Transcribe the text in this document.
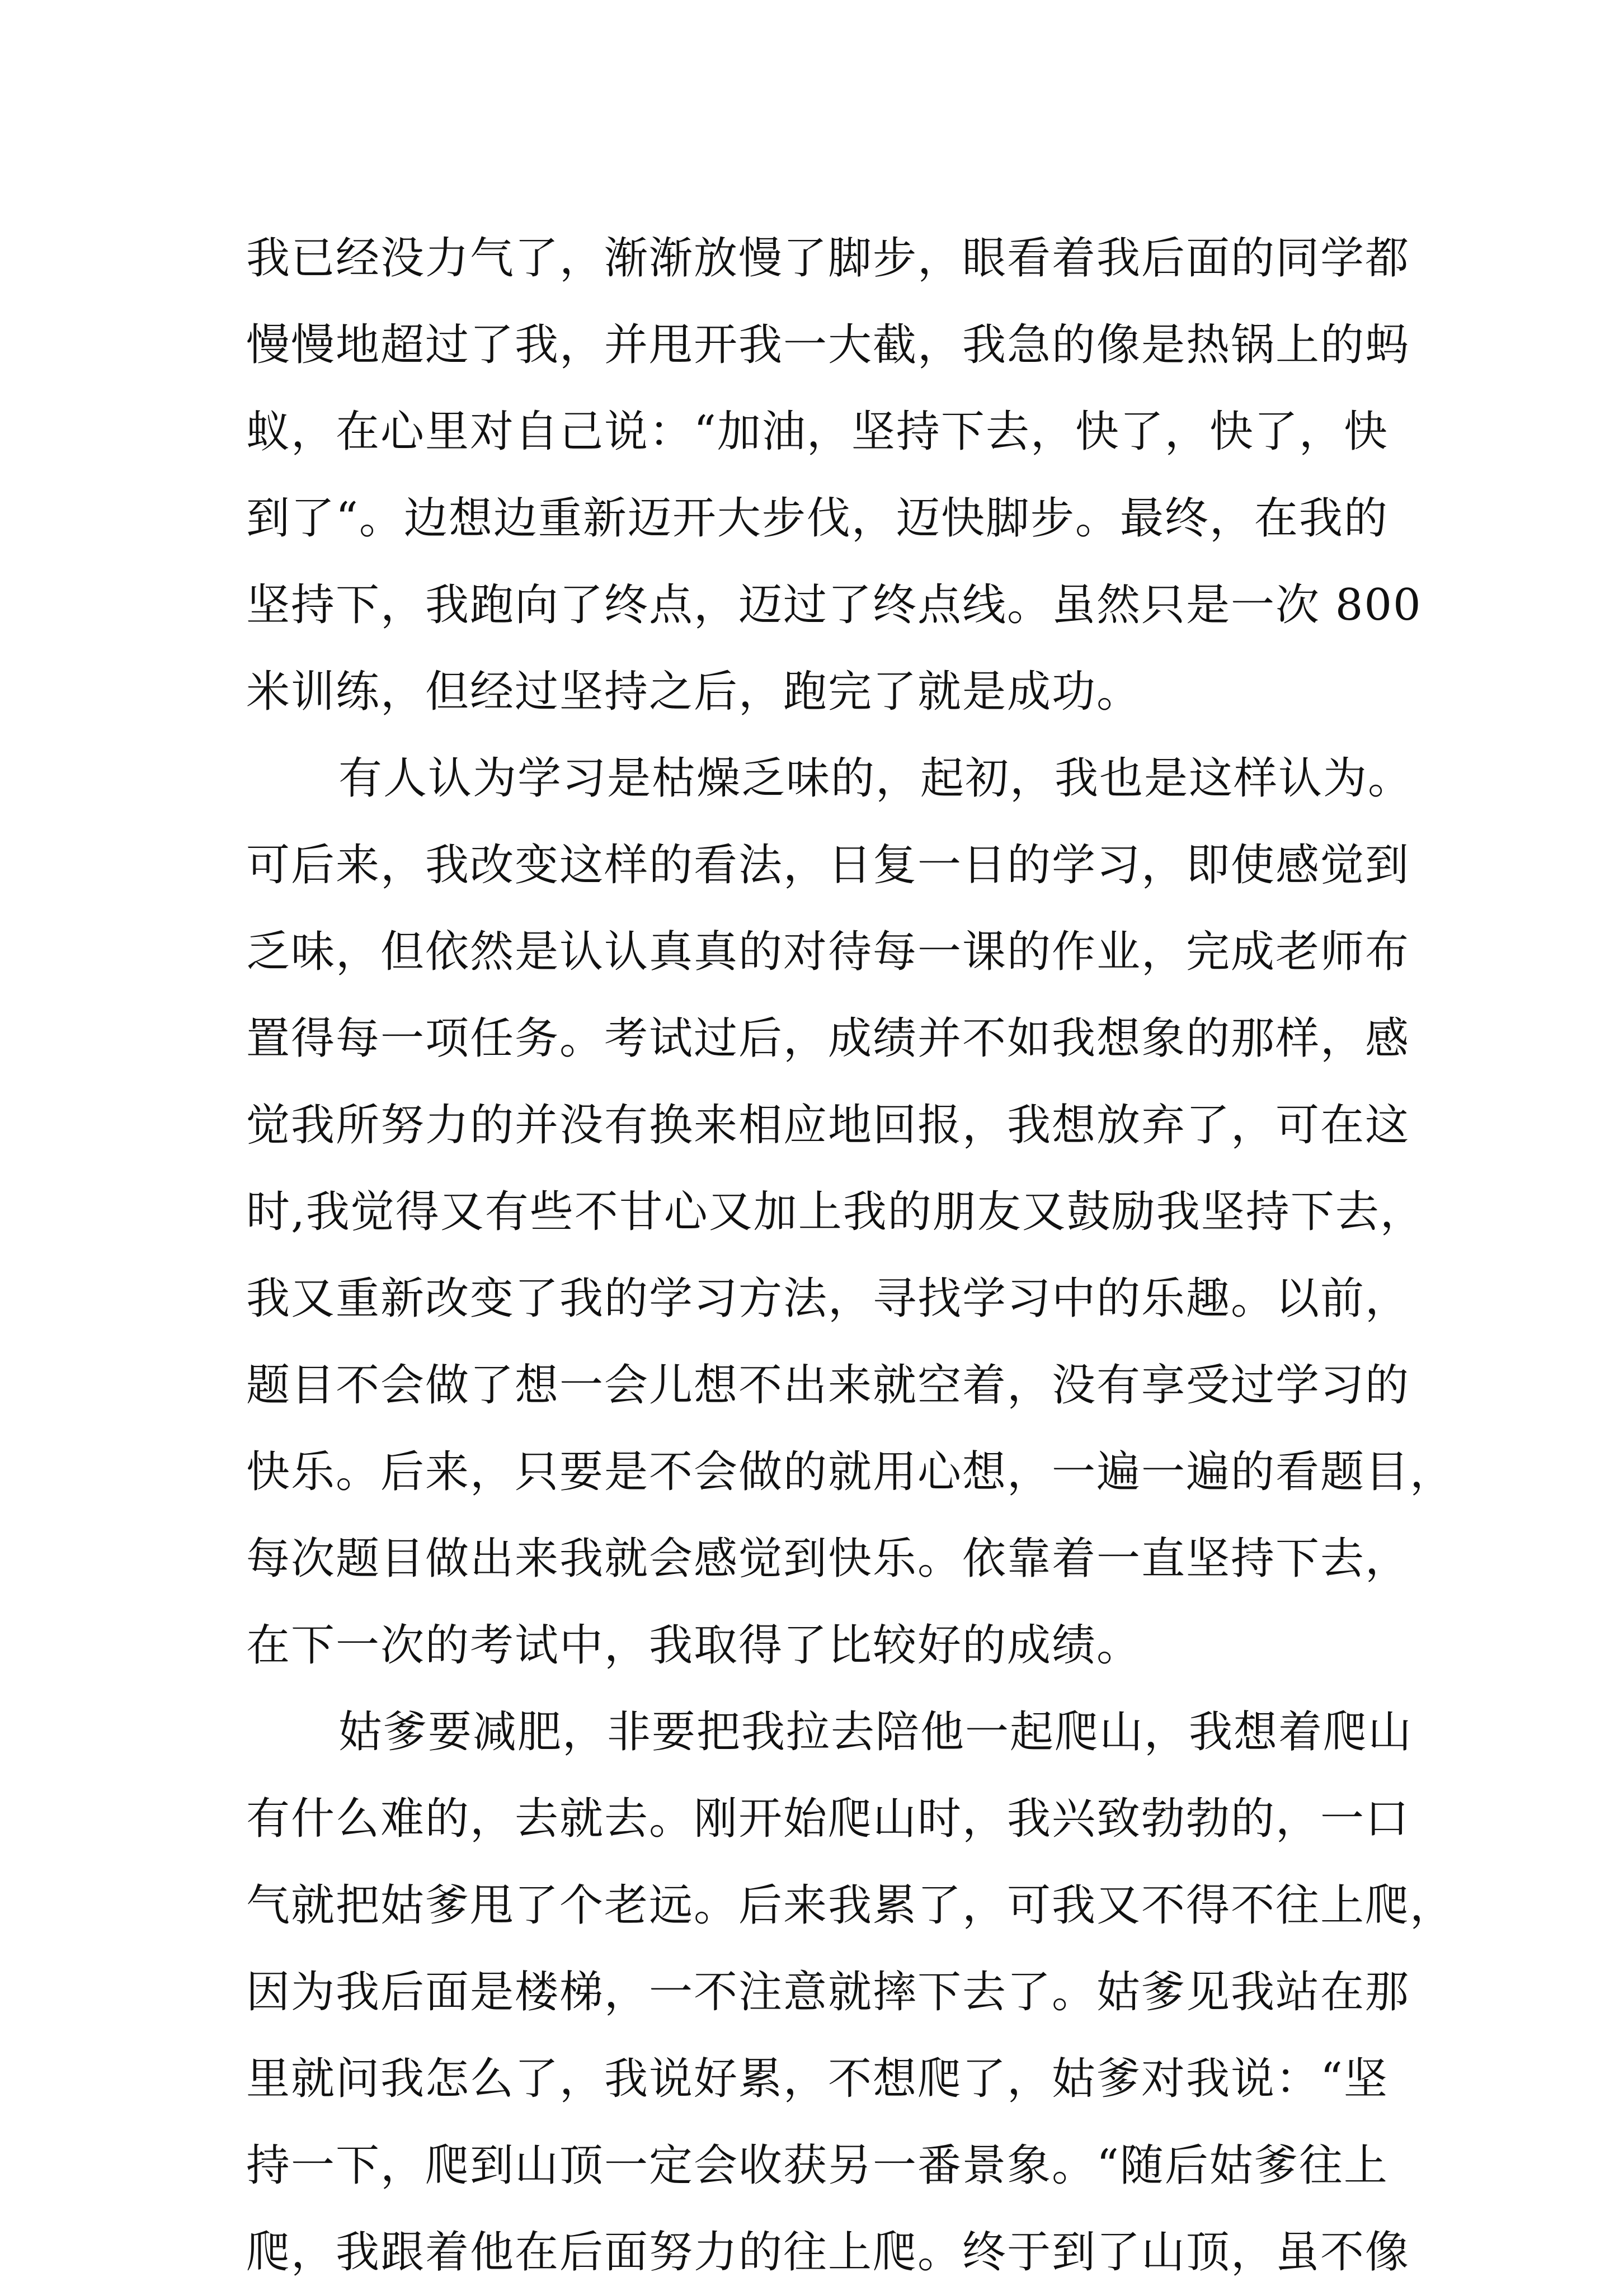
我已经没力气了，渐渐放慢了脚步，眼看着我后面的同学都
慢慢地超过了我，并甩开我一大截，我急的像是热锅上的蚂
蚁，在心里对自己说：“加油，坚持下去，快了，快了，快
到了“。边想边重新迈开大步伐，迈快脚步。最终，在我的
坚持下，我跑向了终点，迈过了终点线。虽然只是一次 800
米训练，但经过坚持之后，跑完了就是成功。
有人认为学习是枯燥乏味的，起初，我也是这样认为。
可后来，我改变这样的看法，日复一日的学习，即使感觉到
乏味，但依然是认认真真的对待每一课的作业，完成老师布
置得每一项任务。考试过后，成绩并不如我想象的那样，感
觉我所努力的并没有换来相应地回报，我想放弃了，可在这
时,我觉得又有些不甘心又加上我的朋友又鼓励我坚持下去，
我又重新改变了我的学习方法，寻找学习中的乐趣。以前，
题目不会做了想一会儿想不出来就空着，没有享受过学习的
快乐。后来，只要是不会做的就用心想，一遍一遍的看题目，
每次题目做出来我就会感觉到快乐。依靠着一直坚持下去，
在下一次的考试中，我取得了比较好的成绩。
姑爹要减肥，非要把我拉去陪他一起爬山，我想着爬山
有什么难的，去就去。刚开始爬山时，我兴致勃勃的，一口
气就把姑爹甩了个老远。后来我累了，可我又不得不往上爬，
因为我后面是楼梯，一不注意就摔下去了。姑爹见我站在那
里就问我怎么了，我说好累，不想爬了，姑爹对我说：“坚
持一下，爬到山顶一定会收获另一番景象。“随后姑爹往上
爬，我跟着他在后面努力的往上爬。终于到了山顶，虽不像
